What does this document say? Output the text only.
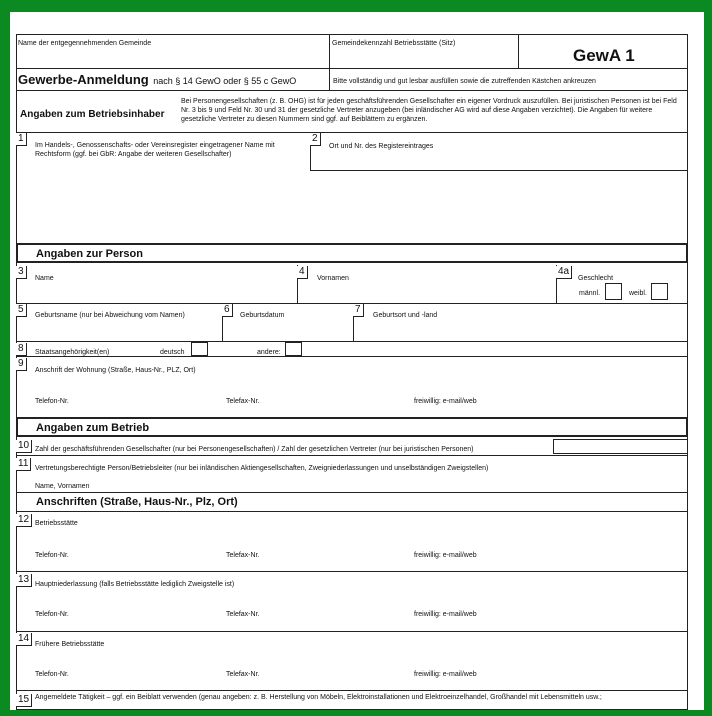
Name der entgegennehmenden Gemeinde	Gemeindekennzahl Betriebsstätte (Sitz)
GewA 1
Gewerbe-Anmeldung nach § 14 GewO oder § 55 c GewO	Bitte vollständig und gut lesbar ausfüllen sowie die zutreffenden Kästchen ankreuzen
Angaben zum Betriebsinhaber
Bei Personengesellschaften (z. B. OHG) ist für jeden geschäftsführenden Gesellschafter ein eigener Vordruck auszufüllen. Bei juristischen Personen ist bei Feld Nr. 3 bis 9 und Feld Nr. 30 und 31 der gesetzliche Vertreter anzugeben (bei inländischer AG wird auf diese Angaben verzichtet). Die Angaben für weitere gesetzliche Vertreter zu diesen Nummern sind ggf. auf Beiblättern zu ergänzen.
1
Im Handels-, Genossenschafts- oder Vereinsregister eingetragener Name mit Rechtsform (ggf. bei GbR: Angabe der weiteren Gesellschafter)
2
Ort und Nr. des Registereintrages
Angaben zur Person
3
Name
4
Vornamen
4a
Geschlecht
männl.	weibl.
5
Geburtsname (nur bei Abweichung vom Namen)
6
Geburtsdatum
7
Geburtsort und -land
8	Staatsangehörigkeit(en)	deutsch	andere:
9
Anschrift der Wohnung (Straße, Haus-Nr., PLZ, Ort)
Telefon-Nr.	Telefax-Nr.	freiwillig: e-mail/web
Angaben zum Betrieb
10 Zahl der geschäftsführenden Gesellschafter (nur bei Personengesellschaften) / Zahl der gesetzlichen Vertreter (nur bei juristischen Personen)
11 Vertretungsberechtigte Person/Betriebsleiter (nur bei inländischen Aktiengesellschaften, Zweigniederlassungen und unselbständigen Zweigstellen)
Name, Vornamen
Anschriften (Straße, Haus-Nr., Plz, Ort)
12 Betriebsstätte
Telefon-Nr.	Telefax-Nr.	freiwillig: e-mail/web
13 Hauptniederlassung (falls Betriebsstätte lediglich Zweigstelle ist)
Telefon-Nr.	Telefax-Nr.	freiwillig: e-mail/web
14
Frühere Betriebsstätte
Telefon-Nr.	Telefax-Nr.	freiwillig: e-mail/web
15 Angemeldete Tätigkeit – ggf. ein Beiblatt verwenden (genau angeben: z. B. Herstellung von Möbeln, Elektroinstallationen und Elektroeinzelhandel, Großhandel mit Lebensmitteln usw.;
